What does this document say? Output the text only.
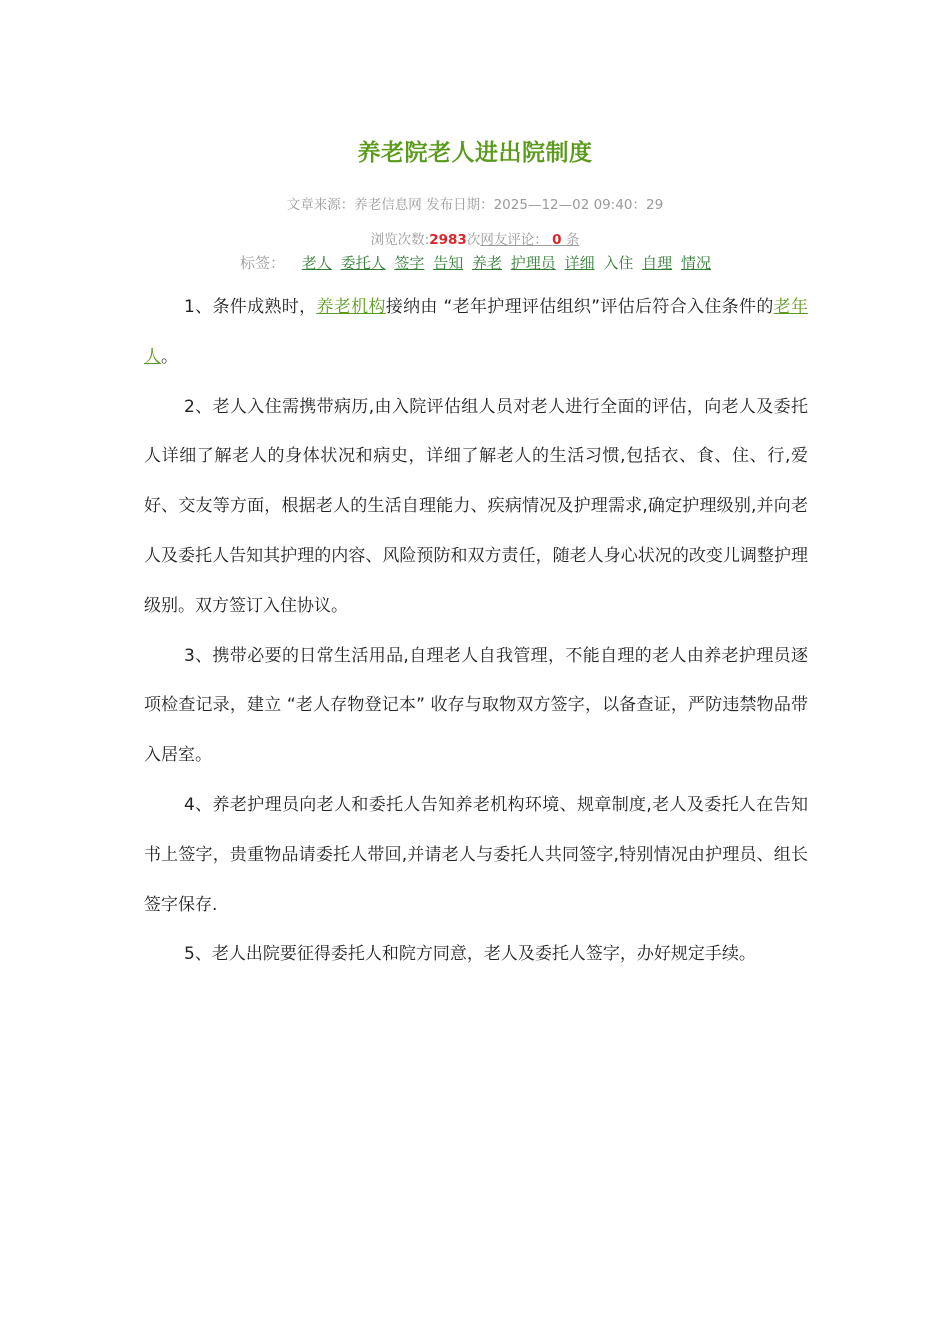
养老院老人进出院制度
文章来源：养老信息网 发布日期：2025—12—02 09:40：29
浏览次数:2983次网友评论： 0 条
标签： 老人 委托人 签字 告知 养老 护理员 详细 入住 自理 情况

1、条件成熟时，养老机构接纳由 “老年护理评估组织”评估后符合入住条件的老年人。

2、老人入住需携带病历,由入院评估组人员对老人进行全面的评估，向老人及委托人详细了解老人的身体状况和病史，详细了解老人的生活习惯,包括衣、食、住、行,爱好、交友等方面，根据老人的生活自理能力、疾病情况及护理需求,确定护理级别,并向老人及委托人告知其护理的内容、风险预防和双方责任，随老人身心状况的改变儿调整护理级别。双方签订入住协议。

3、携带必要的日常生活用品,自理老人自我管理，不能自理的老人由养老护理员逐项检查记录，建立 “老人存物登记本” 收存与取物双方签字，以备查证，严防违禁物品带入居室。

4、养老护理员向老人和委托人告知养老机构环境、规章制度,老人及委托人在告知书上签字，贵重物品请委托人带回,并请老人与委托人共同签字,特别情况由护理员、组长签字保存.

5、老人出院要征得委托人和院方同意，老人及委托人签字，办好规定手续。
